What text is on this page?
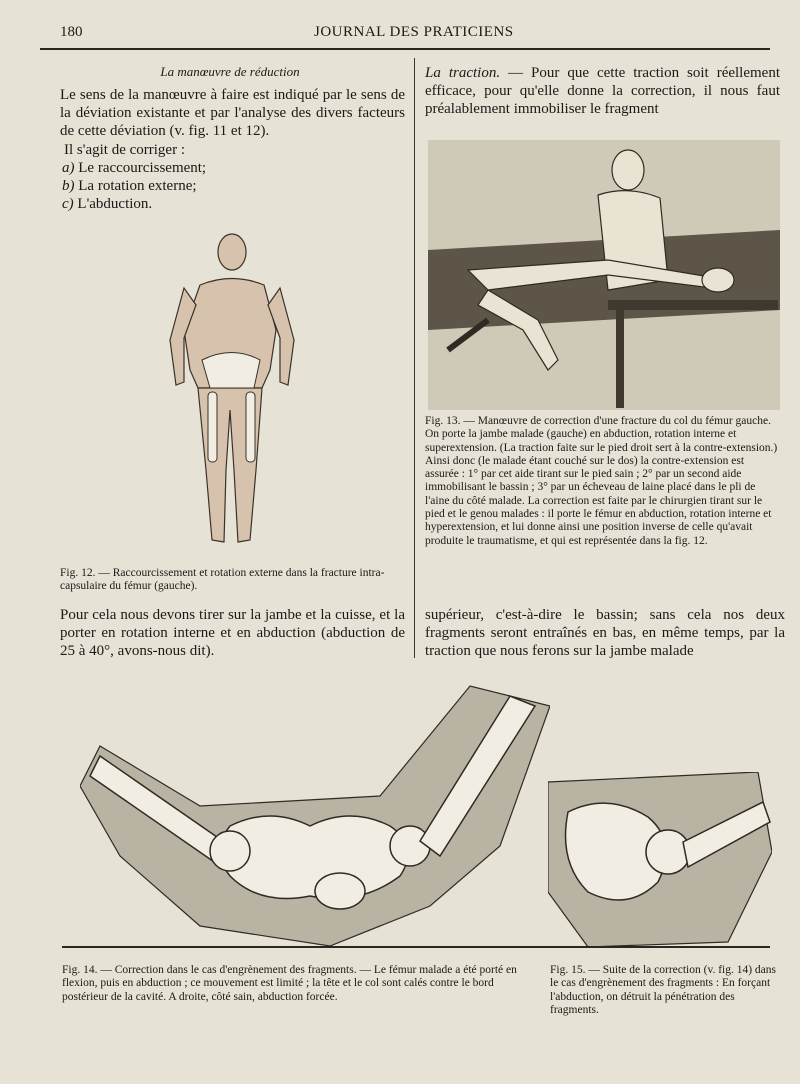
180	JOURNAL DES PRATICIENS
La manœuvre de réduction
Le sens de la manœuvre à faire est indiqué par le sens de la déviation existante et par l'analyse des divers facteurs de cette déviation (v. fig. 11 et 12).
Il s'agit de corriger :
a) Le raccourcissement;
b) La rotation externe;
c) L'abduction.
Fig. 12. — Raccourcissement et rotation externe dans la fracture intra-capsulaire du fémur (gauche).
Pour cela nous devons tirer sur la jambe et la cuisse, et la porter en rotation interne et en abduction (abduction de 25 à 40°, avons-nous dit).
La traction. — Pour que cette traction soit réellement efficace, pour qu'elle donne la correction, il nous faut préalablement immobiliser le fragment
Fig. 13. — Manœuvre de correction d'une fracture du col du fémur gauche. On porte la jambe malade (gauche) en abduction, rotation interne et superextension. (La traction faite sur le pied droit sert à la contre-extension.) Ainsi donc (le malade étant couché sur le dos) la contre-extension est assurée : 1° par cet aide tirant sur le pied sain ; 2° par un second aide immobilisant le bassin ; 3° par un écheveau de laine placé dans le pli de l'aine du côté malade. La correction est faite par le chirurgien tirant sur le pied et le genou malades : il porte le fémur en abduction, rotation interne et hyperextension, et lui donne ainsi une position inverse de celle qu'avait produite le traumatisme, et qui est représentée dans la fig. 12.
supérieur, c'est-à-dire le bassin; sans cela nos deux fragments seront entraînés en bas, en même temps, par la traction que nous ferons sur la jambe malade
Fig. 14. — Correction dans le cas d'engrènement des fragments. — Le fémur malade a été porté en flexion, puis en abduction ; ce mouvement est limité ; la tête et le col sont calés contre le bord postérieur de la cavité. A droite, côté sain, abduction forcée.
Fig. 15. — Suite de la correction (v. fig. 14) dans le cas d'engrènement des fragments : En forçant l'abduction, on détruit la pénétration des fragments.
